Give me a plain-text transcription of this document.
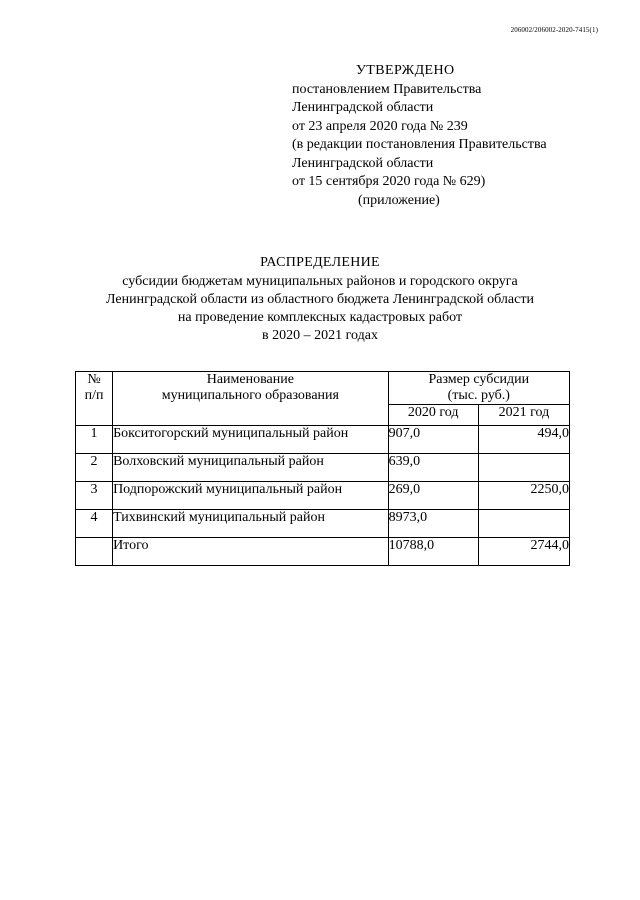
206002/206002-2020-7415(1)
УТВЕРЖДЕНО
постановлением Правительства
Ленинградской области
от 23 апреля 2020 года № 239
(в редакции постановления Правительства
Ленинградской области
от 15 сентября 2020 года № 629)
(приложение)
РАСПРЕДЕЛЕНИЕ
субсидии бюджетам муниципальных районов и городского округа
Ленинградской области из областного бюджета Ленинградской области
на проведение комплексных кадастровых работ
в 2020 – 2021 годах
№
п/п	Наименование
муниципального образования	Размер субсидии
(тыс. руб.)	

		2020 год	2021 год
1	Бокситогорский муниципальный район	907,0	494,0
2	Волховский муниципальный район	639,0	
3	Подпорожский муниципальный район	269,0	2250,0
4	Тихвинский муниципальный район	8973,0	
	Итого	10788,0	2744,0
